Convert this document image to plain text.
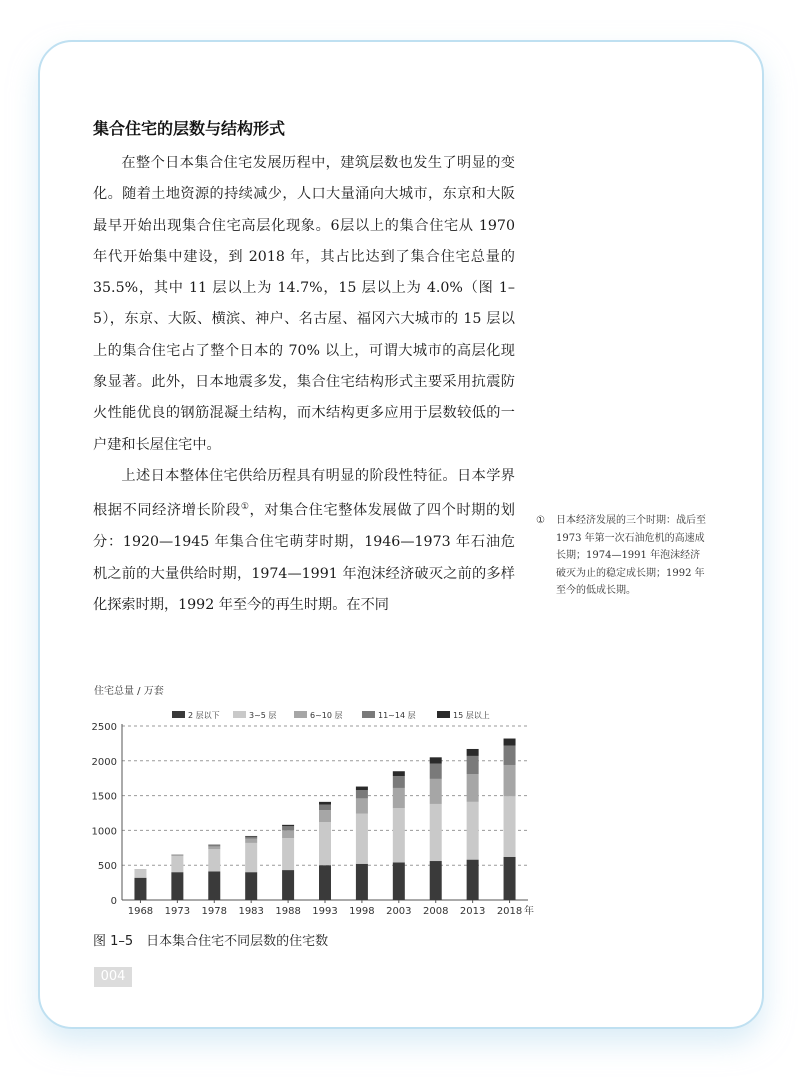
集合住宅的层数与结构形式

在整个日本集合住宅发展历程中，建筑层数也发生了明显的变化。随着土地资源的持续减少，人口大量涌向大城市，东京和大阪最早开始出现集合住宅高层化现象。6层以上的集合住宅从 1970 年代开始集中建设，到 2018 年，其占比达到了集合住宅总量的 35.5%，其中 11 层以上为 14.7%，15 层以上为 4.0%（图 1–5），东京、大阪、横滨、神户、名古屋、福冈六大城市的 15 层以上的集合住宅占了整个日本的 70% 以上，可谓大城市的高层化现象显著。此外，日本地震多发，集合住宅结构形式主要采用抗震防火性能优良的钢筋混凝土结构，而木结构更多应用于层数较低的一户建和长屋住宅中。

上述日本整体住宅供给历程具有明显的阶段性特征。日本学界根据不同经济增长阶段①，对集合住宅整体发展做了四个时期的划分：1920—1945 年集合住宅萌芽时期，1946—1973 年石油危机之前的大量供给时期，1974—1991 年泡沫经济破灭之前的多样化探索时期，1992 年至今的再生时期。在不同

① 日本经济发展的三个时期：战后至 1973 年第一次石油危机的高速成长期；1974—1991 年泡沫经济破灭为止的稳定成长期；1992 年至今的低成长期。
住宅总量 / 万套
0
500
1000
1500
2000
2500
1968 1973 1978 1983 1988 1993 1998 2003 2008 2013 2018 年
2 层以下	3~5 层	6~10 层	11~14 层	15 层以上
图 1–5　日本集合住宅不同层数的住宅数
004
